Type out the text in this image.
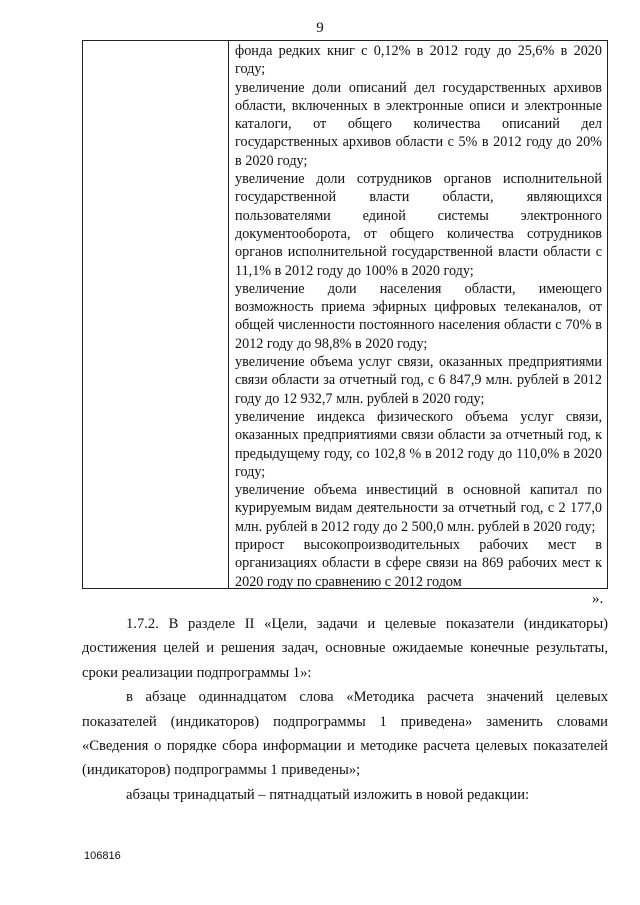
9

фонда редких книг с 0,12% в 2012 году до 25,6% в 2020 году;

увеличение доли описаний дел государственных архивов области, включенных в электронные описи и электронные каталоги, от общего количества описаний дел государственных архивов области с 5% в 2012 году до 20% в 2020 году;

увеличение доли сотрудников органов исполнительной государственной власти области, являющихся пользователями единой системы электронного документооборота, от общего количества сотрудников органов исполнительной государственной власти области с 11,1% в 2012 году до 100% в 2020 году;

увеличение доли населения области, имеющего возможность приема эфирных цифровых телеканалов, от общей численности постоянного населения области с 70% в 2012 году до 98,8% в 2020 году;

увеличение объема услуг связи, оказанных предприятиями связи области за отчетный год, с 6 847,9 млн. рублей в 2012 году до 12 932,7 млн. рублей в 2020 году;

увеличение индекса физического объема услуг связи, оказанных предприятиями связи области за отчетный год, к предыдущему году, со 102,8 % в 2012 году до 110,0% в 2020 году;

увеличение объема инвестиций в основной капитал по курируемым видам деятельности за отчетный год, с 2 177,0 млн. рублей в 2012 году до 2 500,0 млн. рублей в 2020 году;

прирост высокопроизводительных рабочих мест в организациях области в сфере связи на 869 рабочих мест к 2020 году по сравнению с 2012 годом

».

1.7.2. В разделе II «Цели, задачи и целевые показатели (индикаторы) достижения целей и решения задач, основные ожидаемые конечные результаты, сроки реализации подпрограммы 1»:

в абзаце одиннадцатом слова «Методика расчета значений целевых показателей (индикаторов) подпрограммы 1 приведена» заменить словами «Сведения о порядке сбора информации и методике расчета целевых показателей (индикаторов) подпрограммы 1 приведены»;

абзацы тринадцатый – пятнадцатый изложить в новой редакции:

106816
